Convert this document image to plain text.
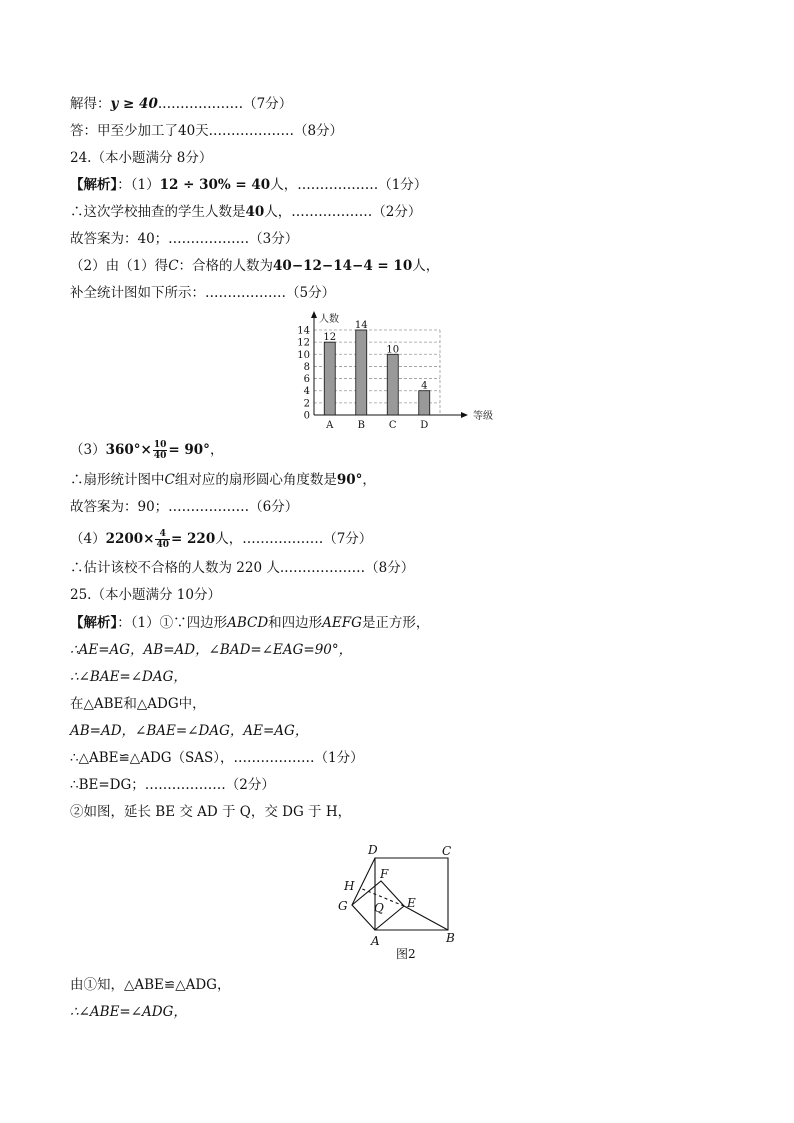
解得：y ≥ 40.………………（7分）
答：甲至少加工了40天.………………（8分）
24.（本小题满分 8分）
【解析】：（1）12 ÷ 30% = 40人，………………（1分）
∴这次学校抽查的学生人数是40人，………………（2分）
故答案为：40；………………（3分）
（2）由（1）得C：合格的人数为40−12−14−4 = 10人，
补全统计图如下所示：………………（5分）
0
2
4
6
8
10
12
14
人数
等级
12
A
14
B
10
C
4
D
$(3)360^\circ\times \frac{10}{40} = 90^\circ$，
∴扇形统计图中C组对应的扇形圆心角度数是90°，
故答案为：90；………………（6分）
$(4)2200\times \frac{4}{40} = 220$人，………………（7分）
∴估计该校不合格的人数为 220 人.………………（8分）
25.（本小题满分 10分）
【解析】：（1）①∵四边形ABCD和四边形AEFG是正方形，
∴AE=AG，AB=AD，∠BAD=∠EAG=90°，
∴∠BAE=∠DAG，
在△ABE和△ADG中，
AB=AD，∠BAE=∠DAG，AE=AG，
∴△ABE≌△ADG（SAS），………………（1分）
∴BE=DG；………………（2分）
②如图，延长 BE 交 AD 于 Q，交 DG 于 H，
D	C
B
A
E
F
G
H
Q
图2
由①知，△ABE≌△ADG，
∴∠ABE=∠ADG，
